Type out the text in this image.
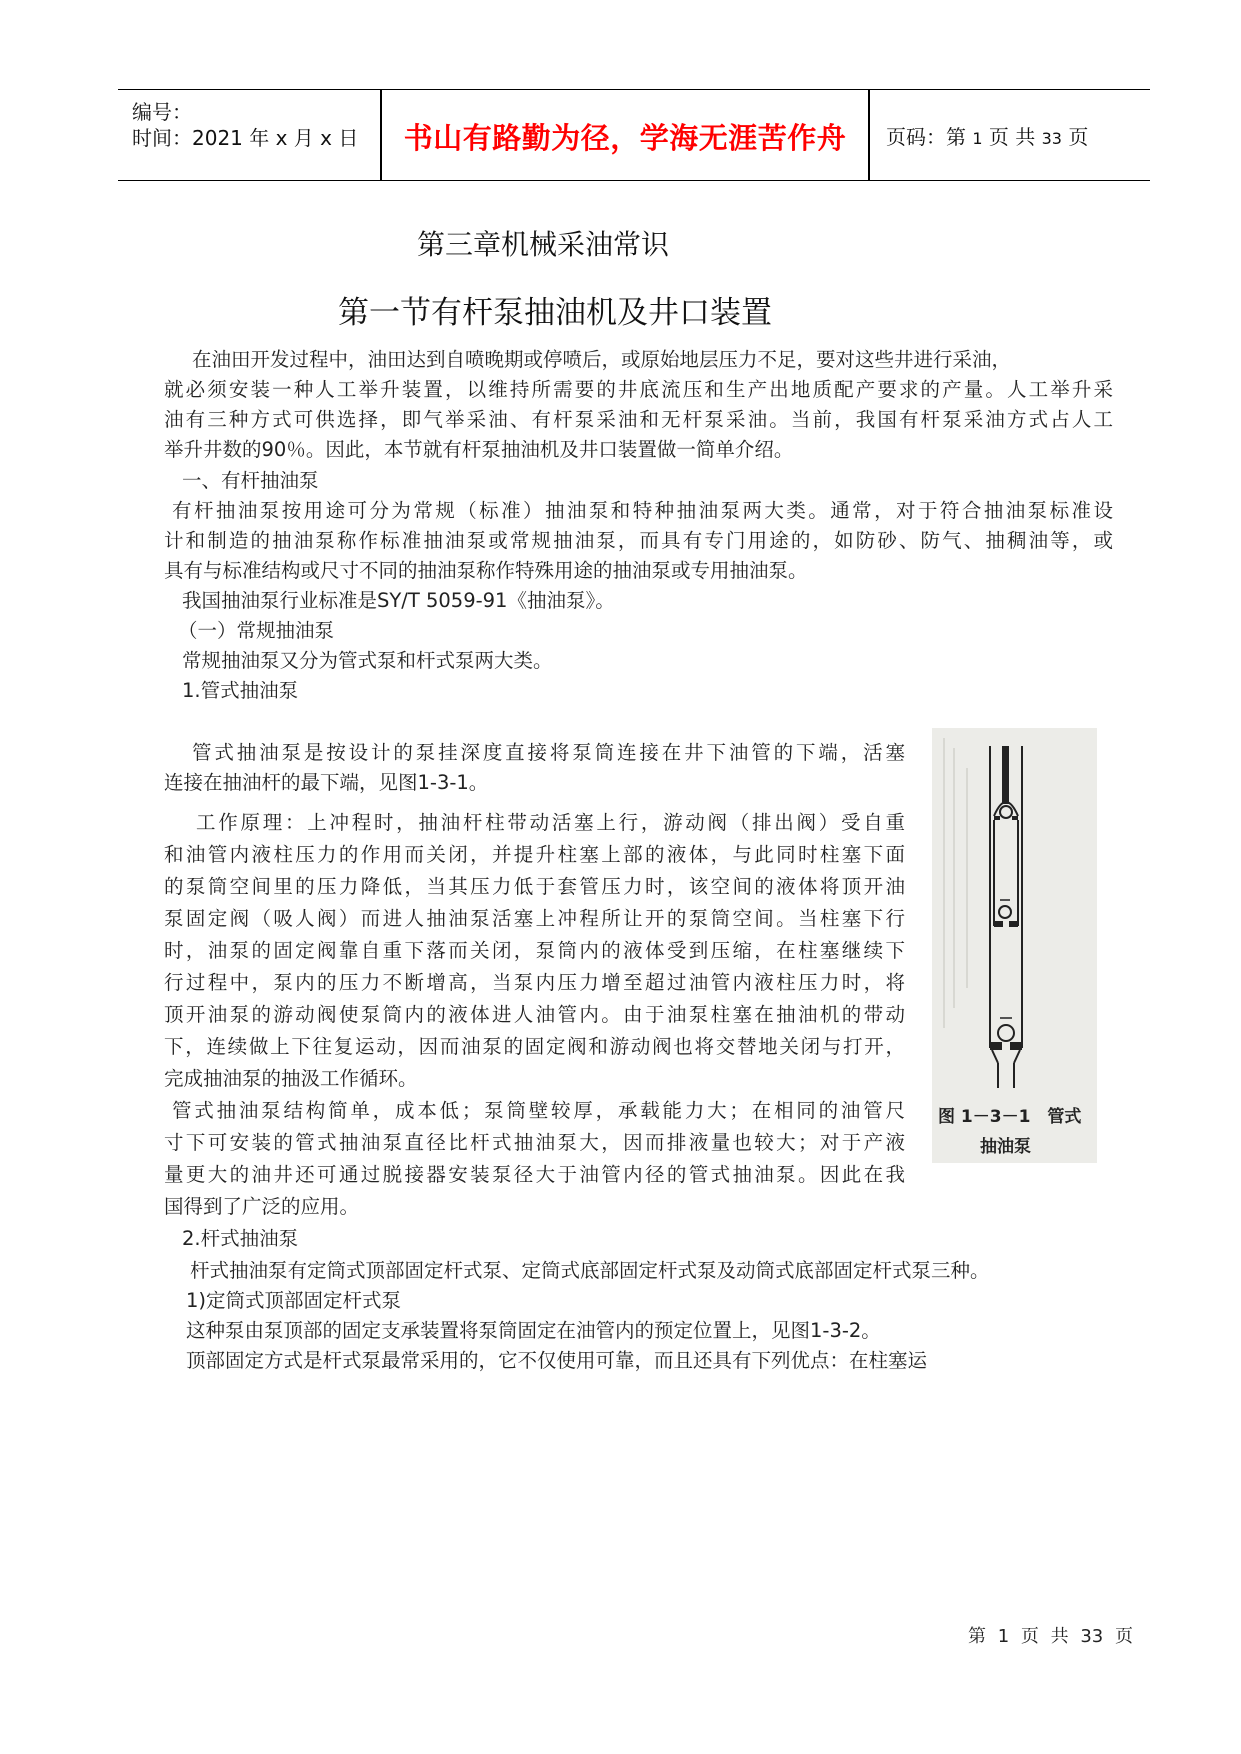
编号：
时间：2021 年 x 月 x 日	书山有路勤为径，学海无涯苦作舟	页码：第 1 页 共 33 页
第三章机械采油常识
第一节有杆泵抽油机及井口装置
在油田开发过程中，油田达到自喷晚期或停喷后，或原始地层压力不足，要对这些井进行采油，
就必须安装一种人工举升装置，以维持所需要的井底流压和生产出地质配产要求的产量。人工举升采
油有三种方式可供选择，即气举采油、有杆泵采油和无杆泵采油。当前，我国有杆泵采油方式占人工
举升井数的90％。因此，本节就有杆泵抽油机及井口装置做一简单介绍。
一、有杆抽油泵
有杆抽油泵按用途可分为常规（标准）抽油泵和特种抽油泵两大类。通常，对于符合抽油泵标准设
计和制造的抽油泵称作标准抽油泵或常规抽油泵，而具有专门用途的，如防砂、防气、抽稠油等，或
具有与标准结构或尺寸不同的抽油泵称作特殊用途的抽油泵或专用抽油泵。
我国抽油泵行业标准是SY/T 5059-91《抽油泵》。
（一）常规抽油泵
常规抽油泵又分为管式泵和杆式泵两大类。
1.管式抽油泵
管式抽油泵是按设计的泵挂深度直接将泵筒连接在井下油管的下端，活塞
连接在抽油杆的最下端，见图1-3-1。
工作原理：上冲程时，抽油杆柱带动活塞上行，游动阀（排出阀）受自重
和油管内液柱压力的作用而关闭，并提升柱塞上部的液体，与此同时柱塞下面
的泵筒空间里的压力降低，当其压力低于套管压力时，该空间的液体将顶开油
泵固定阀（吸人阀）而进人抽油泵活塞上冲程所让开的泵筒空间。当柱塞下行
时，油泵的固定阀靠自重下落而关闭，泵筒内的液体受到压缩，在柱塞继续下
行过程中，泵内的压力不断增高，当泵内压力增至超过油管内液柱压力时，将
顶开油泵的游动阀使泵筒内的液体进人油管内。由于油泵柱塞在抽油机的带动
下，连续做上下往复运动，因而油泵的固定阀和游动阀也将交替地关闭与打开，
完成抽油泵的抽汲工作循环。
管式抽油泵结构简单，成本低；泵筒壁较厚，承载能力大；在相同的油管尺
寸下可安装的管式抽油泵直径比杆式抽油泵大，因而排液量也较大；对于产液
量更大的油井还可通过脱接器安装泵径大于油管内径的管式抽油泵。因此在我
国得到了广泛的应用。
2.杆式抽油泵
杆式抽油泵有定筒式顶部固定杆式泵、定筒式底部固定杆式泵及动筒式底部固定杆式泵三种。
1)定筒式顶部固定杆式泵
这种泵由泵顶部的固定支承装置将泵筒固定在油管内的预定位置上，见图1-3-2。
顶部固定方式是杆式泵最常采用的，它不仅使用可靠，而且还具有下列优点：在柱塞运
图 1－3－1　管式
抽油泵
第 1 页 共 33 页
